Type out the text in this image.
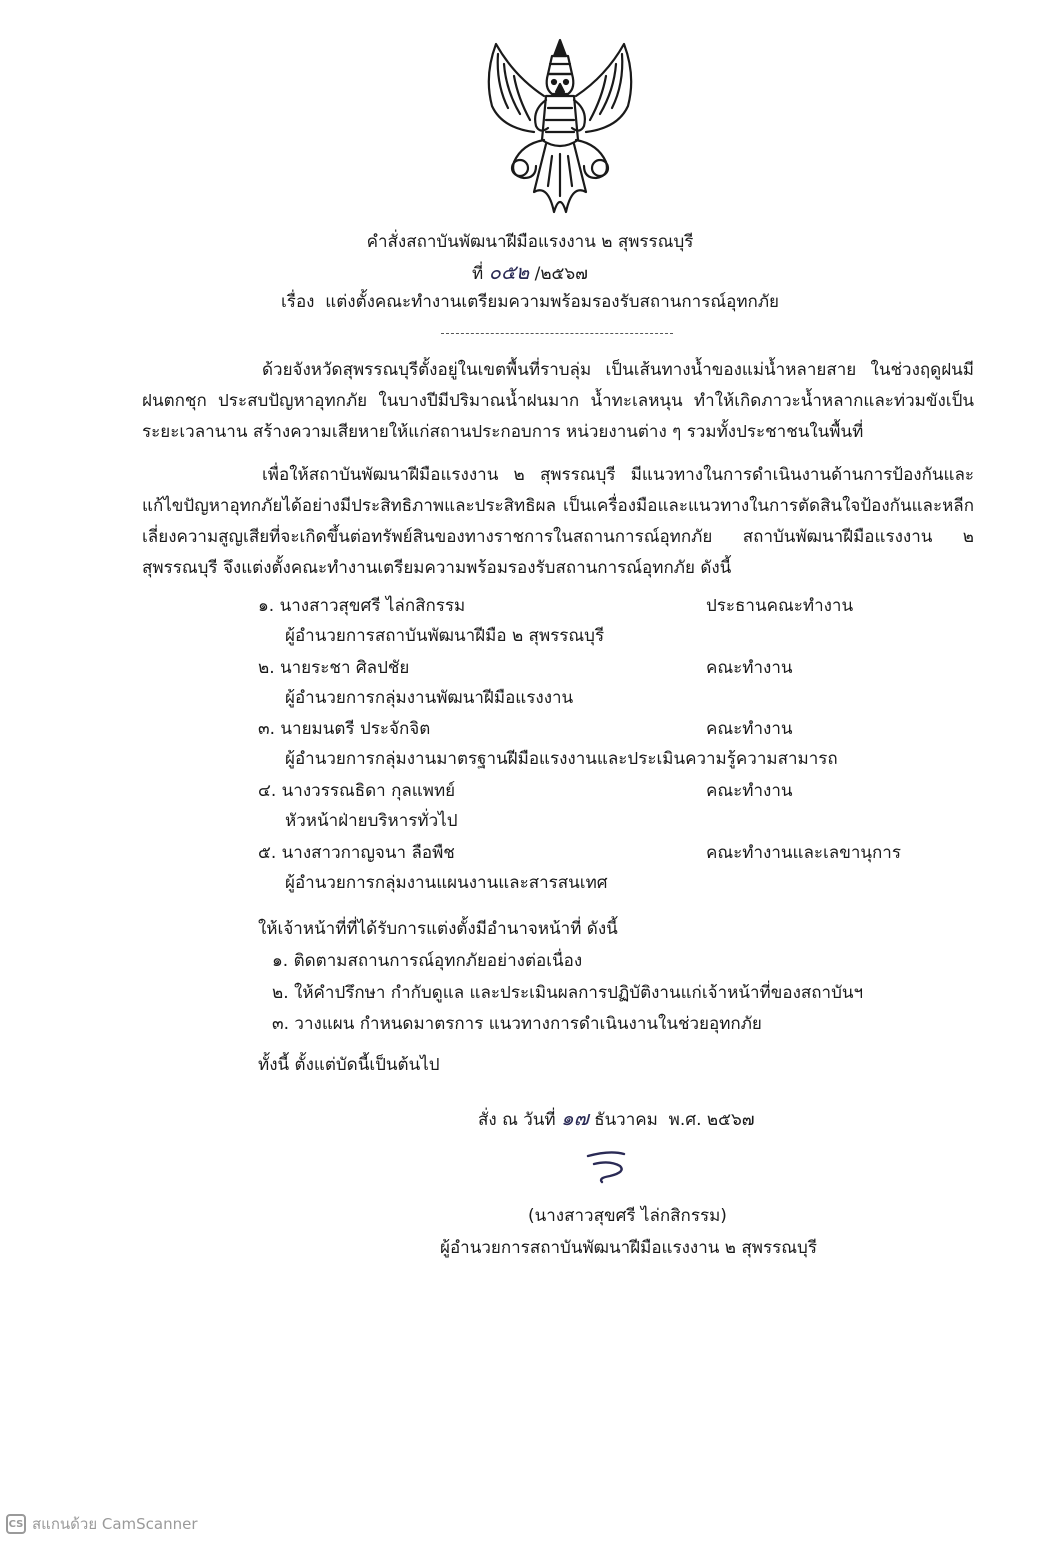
คำสั่งสถาบันพัฒนาฝีมือแรงงาน ๒ สุพรรณบุรี
ที่ ๐๕๒ /๒๕๖๗
เรื่อง แต่งตั้งคณะทำงานเตรียมความพร้อมรองรับสถานการณ์อุทกภัย
ด้วยจังหวัดสุพรรณบุรีตั้งอยู่ในเขตพื้นที่ราบลุ่ม เป็นเส้นทางน้ำของแม่น้ำหลายสาย ในช่วงฤดูฝนมีฝนตกชุก ประสบปัญหาอุทกภัย ในบางปีมีปริมาณน้ำฝนมาก น้ำทะเลหนุน ทำให้เกิดภาวะน้ำหลากและท่วมขังเป็นระยะเวลานาน สร้างความเสียหายให้แก่สถานประกอบการ หน่วยงานต่าง ๆ รวมทั้งประชาชนในพื้นที่
เพื่อให้สถาบันพัฒนาฝีมือแรงงาน ๒ สุพรรณบุรี มีแนวทางในการดำเนินงานด้านการป้องกันและแก้ไขปัญหาอุทกภัยได้อย่างมีประสิทธิภาพและประสิทธิผล เป็นเครื่องมือและแนวทางในการตัดสินใจป้องกันและหลีกเลี่ยงความสูญเสียที่จะเกิดขึ้นต่อทรัพย์สินของทางราชการในสถานการณ์อุทกภัย สถาบันพัฒนาฝีมือแรงงาน ๒ สุพรรณบุรี จึงแต่งตั้งคณะทำงานเตรียมความพร้อมรองรับสถานการณ์อุทกภัย ดังนี้
๑. นางสาวสุขศรี ไล่กสิกรรม	ประธานคณะทำงาน
ผู้อำนวยการสถาบันพัฒนาฝีมือ ๒ สุพรรณบุรี
๒. นายระชา ศิลปชัย	คณะทำงาน
ผู้อำนวยการกลุ่มงานพัฒนาฝีมือแรงงาน
๓. นายมนตรี ประจักจิต	คณะทำงาน
ผู้อำนวยการกลุ่มงานมาตรฐานฝีมือแรงงานและประเมินความรู้ความสามารถ
๔. นางวรรณธิดา กุลแพทย์	คณะทำงาน
หัวหน้าฝ่ายบริหารทั่วไป
๕. นางสาวกาญจนา ลือพืช	คณะทำงานและเลขานุการ
ผู้อำนวยการกลุ่มงานแผนงานและสารสนเทศ
ให้เจ้าหน้าที่ที่ได้รับการแต่งตั้งมีอำนาจหน้าที่ ดังนี้
๑. ติดตามสถานการณ์อุทกภัยอย่างต่อเนื่อง
๒. ให้คำปรึกษา กำกับดูแล และประเมินผลการปฏิบัติงานแก่เจ้าหน้าที่ของสถาบันฯ
๓. วางแผน กำหนดมาตรการ แนวทางการดำเนินงานในช่วยอุทกภัย
ทั้งนี้ ตั้งแต่บัดนี้เป็นต้นไป
สั่ง ณ วันที่ ๑๗ ธันวาคม พ.ศ. ๒๕๖๗
(นางสาวสุขศรี ไล่กสิกรรม)
ผู้อำนวยการสถาบันพัฒนาฝีมือแรงงาน ๒ สุพรรณบุรี
CS สแกนด้วย CamScanner
